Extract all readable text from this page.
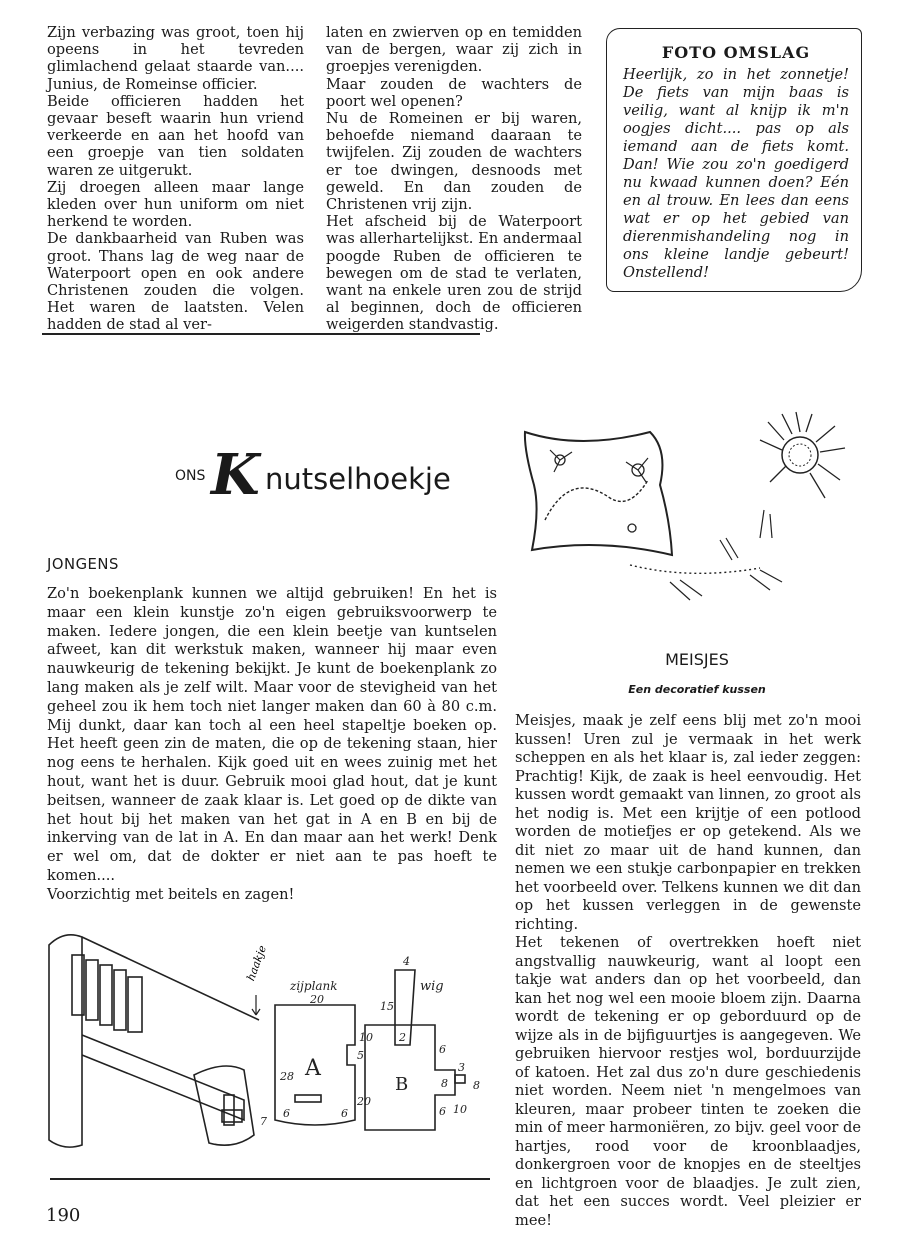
Zijn verbazing was groot, toen hij opeens in het tevreden glimlachend gelaat staarde van.... Junius, de Romeinse officier.

Beide officieren hadden het gevaar beseft waarin hun vriend verkeerde en aan het hoofd van een groepje van tien soldaten waren ze uitgerukt.

Zij droegen alleen maar lange kleden over hun uniform om niet herkend te worden.

De dankbaarheid van Ruben was groot. Thans lag de weg naar de Waterpoort open en ook andere Christenen zouden die volgen. Het waren de laatsten. Velen hadden de stad al ver-

laten en zwierven op en temidden van de bergen, waar zij zich in groepjes verenigden.

Maar zouden de wachters de poort wel openen?

Nu de Romeinen er bij waren, behoefde niemand daaraan te twijfelen. Zij zouden de wachters er toe dwingen, desnoods met geweld. En dan zouden de Christenen vrij zijn.

Het afscheid bij de Waterpoort was allerhartelijkst. En andermaal poogde Ruben de officieren te bewegen om de stad te verlaten, want na enkele uren zou de strijd al beginnen, doch de officieren weigerden standvastig.

FOTO OMSLAG
Heerlijk, zo in het zonnetje! De fiets van mijn baas is veilig, want al knijp ik m'n oogjes dicht.... pas op als iemand aan de fiets komt. Dan! Wie zou zo'n goedigerd nu kwaad kunnen doen? Eén en al trouw. En lees dan eens wat er op het gebied van dierenmishandeling nog in ons kleine landje gebeurt! Onstellend!
ONS K nutselhoekje
JONGENS

Zo'n boekenplank kunnen we altijd gebruiken! En het is maar een klein kunstje zo'n eigen gebruiksvoorwerp te maken. Iedere jongen, die een klein beetje van kuntselen afweet, kan dit werkstuk maken, wanneer hij maar even nauwkeurig de tekening bekijkt. Je kunt de boekenplank zo lang maken als je zelf wilt. Maar voor de stevigheid van het geheel zou ik hem toch niet langer maken dan 60 à 80 c.m. Mij dunkt, daar kan toch al een heel stapeltje boeken op. Het heeft geen zin de maten, die op de tekening staan, hier nog eens te herhalen. Kijk goed uit en wees zuinig met het hout, want het is duur. Gebruik mooi glad hout, dat je kunt beitsen, wanneer de zaak klaar is. Let goed op de dikte van het hout bij het maken van het gat in A en B en bij de inkerving van de lat in A. En dan maar aan het werk! Denk er wel om, dat de dokter er niet aan te pas hoeft te komen....

Voorzichtig met beitels en zagen!

MEISJES
Een decoratief kussen

Meisjes, maak je zelf eens blij met zo'n mooi kussen! Uren zul je vermaak in het werk scheppen en als het klaar is, zal ieder zeggen: Prachtig! Kijk, de zaak is heel eenvoudig. Het kussen wordt gemaakt van linnen, zo groot als het nodig is. Met een krijtje of een potlood worden de motiefjes er op getekend. Als we dit niet zo maar uit de hand kunnen, dan nemen we een stukje carbonpapier en trekken het voorbeeld over. Telkens kunnen we dit dan op het kussen verleggen in de gewenste richting.

Het tekenen of overtrekken hoeft niet angstvallig nauwkeurig, want al loopt een takje wat anders dan op het voorbeeld, dan kan het nog wel een mooie bloem zijn. Daarna wordt de tekening er op geborduurd op de wijze als in de bijfiguurtjes is aangegeven. We gebruiken hiervoor restjes wol, borduurzijde of katoen. Het zal dus zo'n dure geschiedenis niet worden. Neem niet 'n mengelmoes van kleuren, maar probeer tinten te zoeken die min of meer harmoniëren, zo bijv. geel voor de hartjes, rood voor de kroonblaadjes, donkergroen voor de knopjes en de steeltjes en lichtgroen voor de blaadjes. Je zult zien, dat het een succes wordt. Veel pleizier er mee!

haakje
zijplank
20
A
28
10
5
20
6	6
7
4
15
2
wig
B
6
8
3
8
6 10
190
